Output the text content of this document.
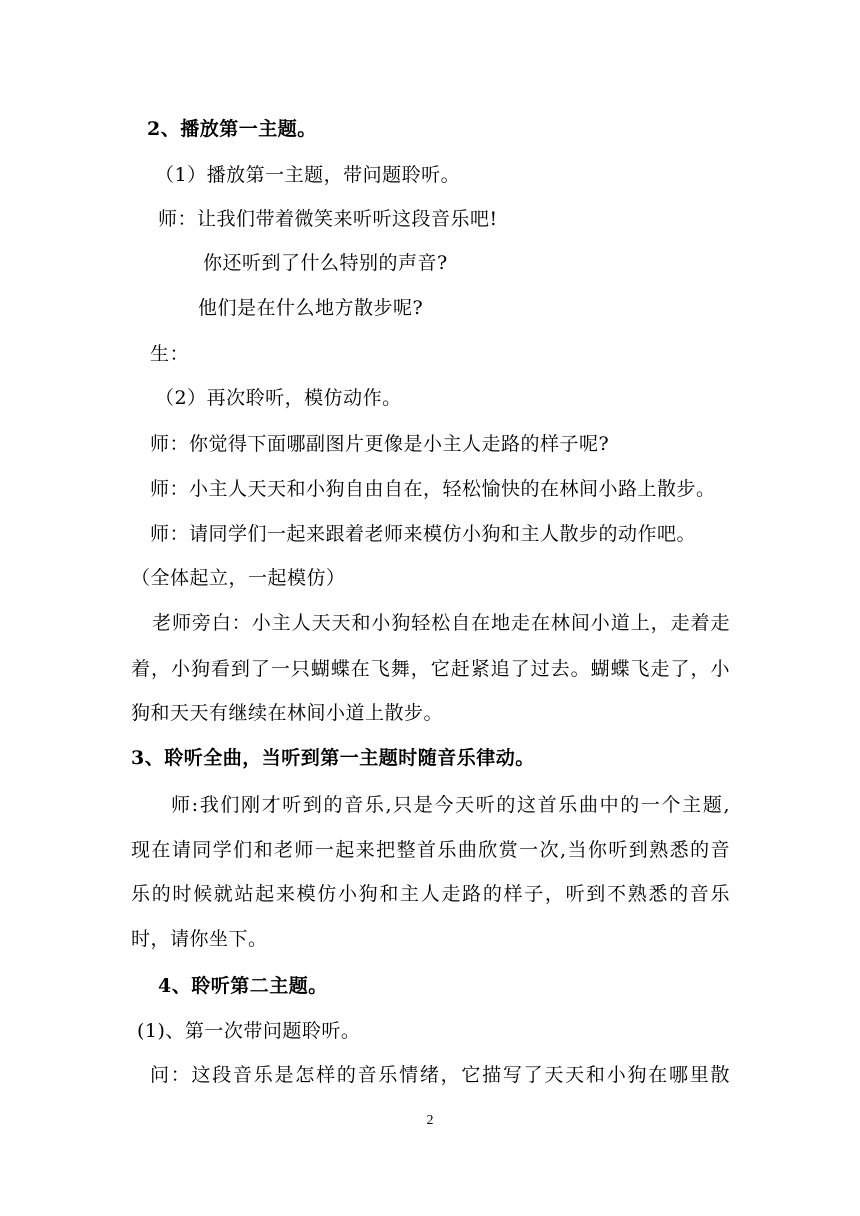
2、播放第一主题。
（1）播放第一主题，带问题聆听。
师：让我们带着微笑来听听这段音乐吧!
你还听到了什么特别的声音?
他们是在什么地方散步呢?
生：
（2）再次聆听，模仿动作。
师：你觉得下面哪副图片更像是小主人走路的样子呢?
师：小主人天天和小狗自由自在，轻松愉快的在林间小路上散步。
师：请同学们一起来跟着老师来模仿小狗和主人散步的动作吧。
（全体起立，一起模仿）
老师旁白：小主人天天和小狗轻松自在地走在林间小道上，走着走
着，小狗看到了一只蝴蝶在飞舞，它赶紧追了过去。蝴蝶飞走了，小
狗和天天有继续在林间小道上散步。
3、聆听全曲，当听到第一主题时随音乐律动。
师:我们刚才听到的音乐,只是今天听的这首乐曲中的一个主题,
现在请同学们和老师一起来把整首乐曲欣赏一次,当你听到熟悉的音
乐的时候就站起来模仿小狗和主人走路的样子，听到不熟悉的音乐
时，请你坐下。
4、聆听第二主题。
(1)、第一次带问题聆听。
问：这段音乐是怎样的音乐情绪，它描写了天天和小狗在哪里散
2
